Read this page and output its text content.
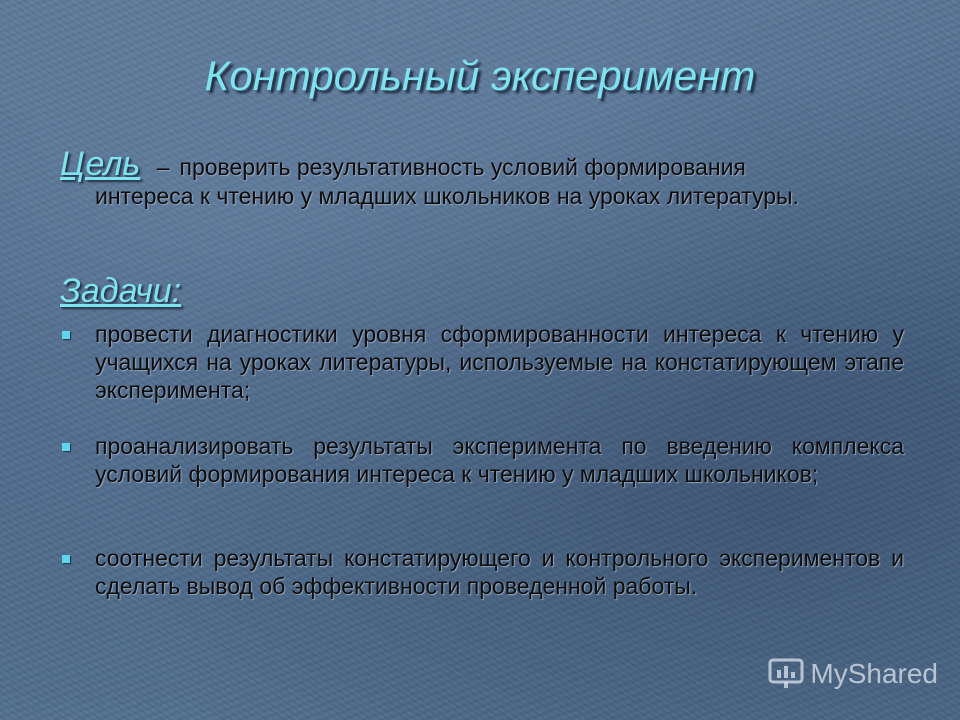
Контрольный эксперимент
Цель – проверить результативность условий формирования
интереса к чтению у младших школьников на уроках литературы.
Задачи:
провести диагностики уровня сформированности интереса к чтению у учащихся на уроках литературы, используемые на констатирующем этапе эксперимента;
проанализировать результаты эксперимента по введению комплекса условий формирования интереса к чтению у младших школьников;
соотнести результаты констатирующего и контрольного экспериментов и сделать вывод об эффективности проведенной работы.
MyShared
